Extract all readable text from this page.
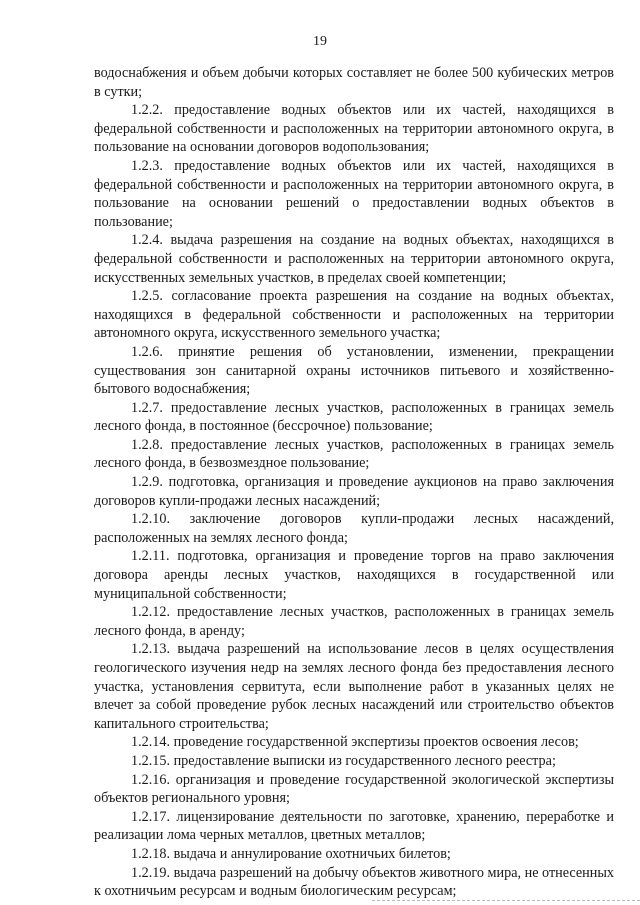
19

водоснабжения и объем добычи которых составляет не более 500 кубических метров в сутки;

1.2.2. предоставление водных объектов или их частей, находящихся в федеральной собственности и расположенных на территории автономного округа, в пользование на основании договоров водопользования;

1.2.3. предоставление водных объектов или их частей, находящихся в федеральной собственности и расположенных на территории автономного округа, в пользование на основании решений о предоставлении водных объектов в пользование;

1.2.4. выдача разрешения на создание на водных объектах, находящихся в федеральной собственности и расположенных на территории автономного округа, искусственных земельных участков, в пределах своей компетенции;

1.2.5. согласование проекта разрешения на создание на водных объектах, находящихся в федеральной собственности и расположенных на территории автономного округа, искусственного земельного участка;

1.2.6. принятие решения об установлении, изменении, прекращении существования зон санитарной охраны источников питьевого и хозяйственно-бытового водоснабжения;

1.2.7. предоставление лесных участков, расположенных в границах земель лесного фонда, в постоянное (бессрочное) пользование;

1.2.8. предоставление лесных участков, расположенных в границах земель лесного фонда, в безвозмездное пользование;

1.2.9. подготовка, организация и проведение аукционов на право заключения договоров купли-продажи лесных насаждений;

1.2.10. заключение договоров купли-продажи лесных насаждений, расположенных на землях лесного фонда;

1.2.11. подготовка, организация и проведение торгов на право заключения договора аренды лесных участков, находящихся в государственной или муниципальной собственности;

1.2.12. предоставление лесных участков, расположенных в границах земель лесного фонда, в аренду;

1.2.13. выдача разрешений на использование лесов в целях осуществления геологического изучения недр на землях лесного фонда без предоставления лесного участка, установления сервитута, если выполнение работ в указанных целях не влечет за собой проведение рубок лесных насаждений или строительство объектов капитального строительства;

1.2.14. проведение государственной экспертизы проектов освоения лесов;

1.2.15. предоставление выписки из государственного лесного реестра;

1.2.16. организация и проведение государственной экологической экспертизы объектов регионального уровня;

1.2.17. лицензирование деятельности по заготовке, хранению, переработке и реализации лома черных металлов, цветных металлов;

1.2.18. выдача и аннулирование охотничьих билетов;

1.2.19. выдача разрешений на добычу объектов животного мира, не отнесенных к охотничьим ресурсам и водным биологическим ресурсам;
